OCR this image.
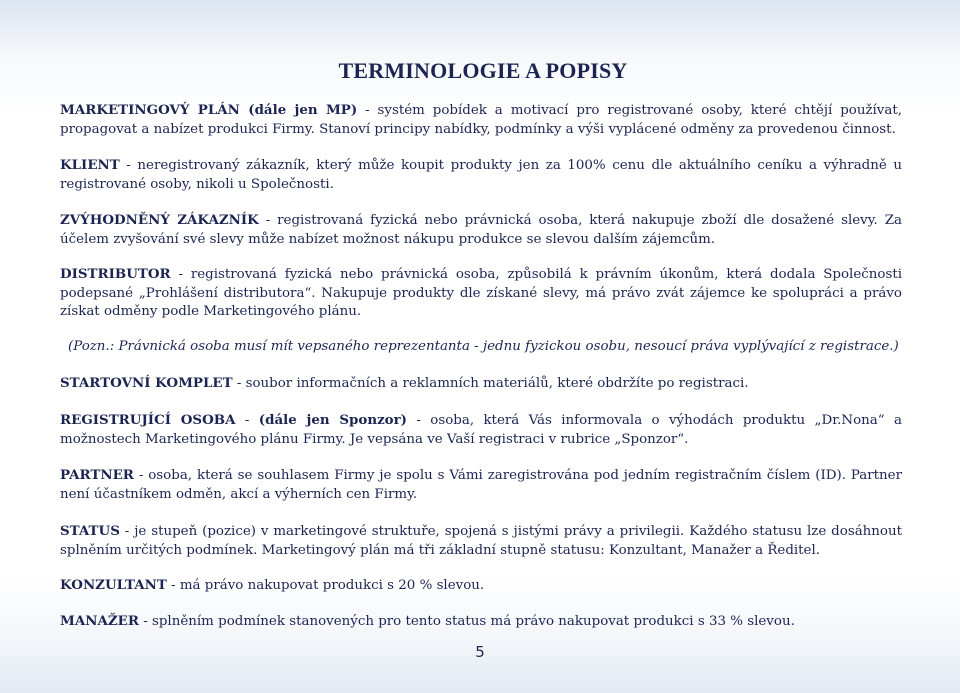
TERMINOLOGIE A POPISY

MARKETINGOVÝ PLÁN (dále jen MP) - systém pobídek a motivací pro registrované osoby, které chtějí používat, propagovat a nabízet produkci Firmy. Stanoví principy nabídky, podmínky a výši vyplácené odměny za provedenou činnost.

KLIENT - neregistrovaný zákazník, který může koupit produkty jen za 100% cenu dle aktuálního ceníku a výhradně u registrované osoby, nikoli u Společnosti.

ZVÝHODNĚNÝ ZÁKAZNÍK - registrovaná fyzická nebo právnická osoba, která nakupuje zboží dle dosažené slevy. Za účelem zvyšování své slevy může nabízet možnost nákupu produkce se slevou dalším zájemcům.

DISTRIBUTOR - registrovaná fyzická nebo právnická osoba, způsobilá k právním úkonům, která dodala Společnosti podepsané „Prohlášení distributora“. Nakupuje produkty dle získané slevy, má právo zvát zájemce ke spolupráci a právo získat odměny podle Marketingového plánu.

(Pozn.: Právnická osoba musí mít vepsaného reprezentanta - jednu fyzickou osobu, nesoucí práva vyplývající z registrace.)

STARTOVNÍ KOMPLET - soubor informačních a reklamních materiálů, které obdržíte po registraci.

REGISTRUJÍCÍ OSOBA - (dále jen Sponzor) - osoba, která Vás informovala o výhodách produktu „Dr.Nona“ a možnostech Marketingového plánu Firmy. Je vepsána ve Vaší registraci v rubrice „Sponzor“.

PARTNER - osoba, která se souhlasem Firmy je spolu s Vámi zaregistrována pod jedním registračním číslem (ID). Partner není účastníkem odměn, akcí a výherních cen Firmy.

STATUS - je stupeň (pozice) v marketingové struktuře, spojená s jistými právy a privilegii. Každého statusu lze dosáhnout splněním určitých podmínek. Marketingový plán má tři základní stupně statusu: Konzultant, Manažer a Ředitel.

KONZULTANT - má právo nakupovat produkci s 20 % slevou.

MANAŽER - splněním podmínek stanovených pro tento status má právo nakupovat produkci s 33 % slevou.

5
